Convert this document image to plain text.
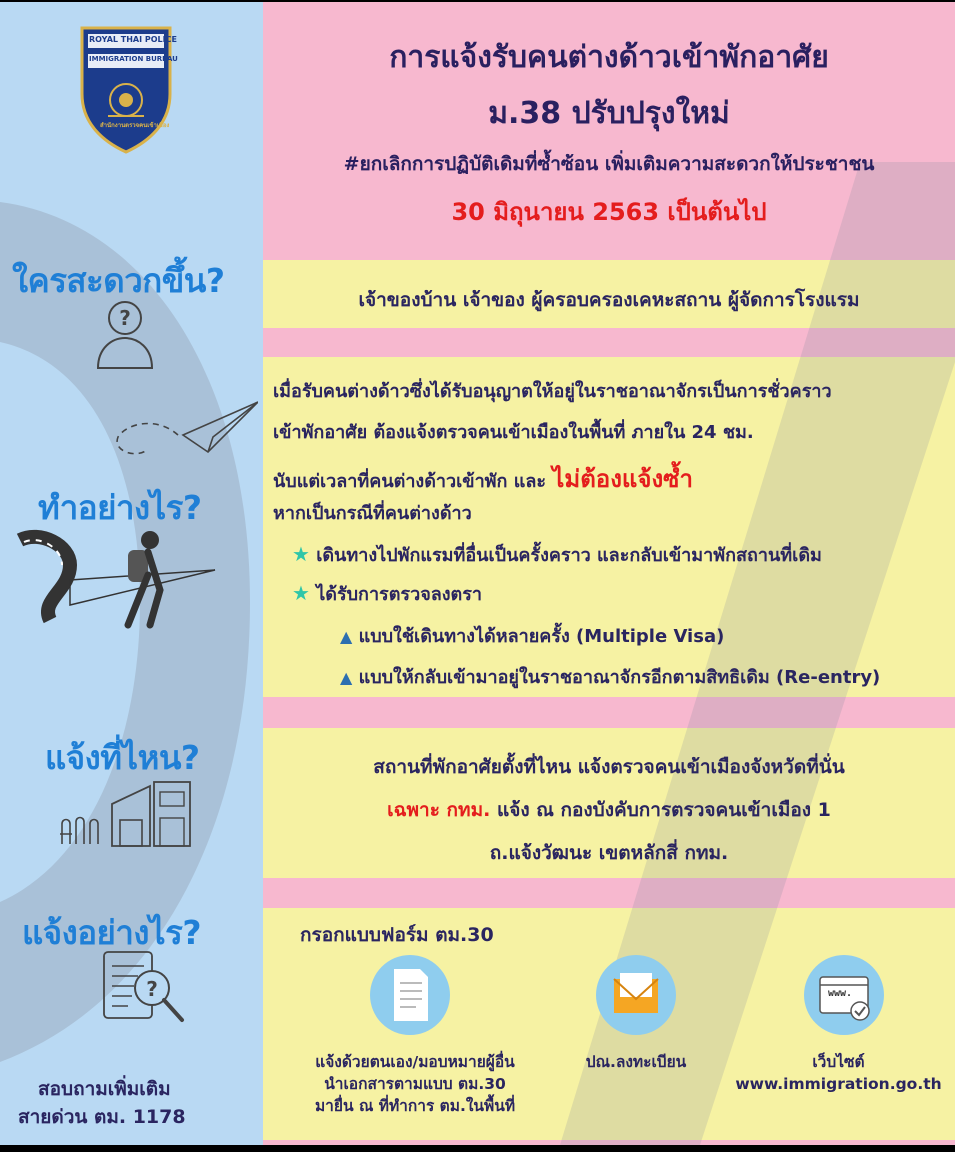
ROYAL THAI POLICE
IMMIGRATION BUREAU
สำนักงานตรวจคนเข้าเมือง
การแจ้งรับคนต่างด้าวเข้าพักอาศัย
ม.38 ปรับปรุงใหม่
#ยกเลิกการปฏิบัติเดิมที่ซ้ำซ้อน เพิ่มเติมความสะดวกให้ประชาชน
30 มิถุนายน 2563 เป็นต้นไป
ใครสะดวกขึ้น?
?
เจ้าของบ้าน เจ้าของ ผู้ครอบครองเคหะสถาน ผู้จัดการโรงแรม
ทำอย่างไร?
เมื่อรับคนต่างด้าวซึ่งได้รับอนุญาตให้อยู่ในราชอาณาจักรเป็นการชั่วคราว
เข้าพักอาศัย ต้องแจ้งตรวจคนเข้าเมืองในพื้นที่ ภายใน 24 ชม.
นับแต่เวลาที่คนต่างด้าวเข้าพัก และ ไม่ต้องแจ้งซ้ำ
หากเป็นกรณีที่คนต่างด้าว
★ เดินทางไปพักแรมที่อื่นเป็นครั้งคราว และกลับเข้ามาพักสถานที่เดิม
★ ได้รับการตรวจลงตรา
▲ แบบใช้เดินทางได้หลายครั้ง (Multiple Visa)
▲ แบบให้กลับเข้ามาอยู่ในราชอาณาจักรอีกตามสิทธิเดิม (Re-entry)
แจ้งที่ไหน?	สถานที่พักอาศัยตั้งที่ไหน แจ้งตรวจคนเข้าเมืองจังหวัดที่นั่น
เฉพาะ กทม. แจ้ง ณ กองบังคับการตรวจคนเข้าเมือง 1
ถ.แจ้งวัฒนะ เขตหลักสี่ กทม.
แจ้งอย่างไร?
?
กรอกแบบฟอร์ม ตม.30
www.
แจ้งด้วยตนเอง/มอบหมายผู้อื่น
นำเอกสารตามแบบ ตม.30
มายื่น ณ ที่ทำการ ตม.ในพื้นที่
ปณ.ลงทะเบียน	เว็บไซต์
www.immigration.go.th
สอบถามเพิ่มเติม
สายด่วน ตม. 1178
